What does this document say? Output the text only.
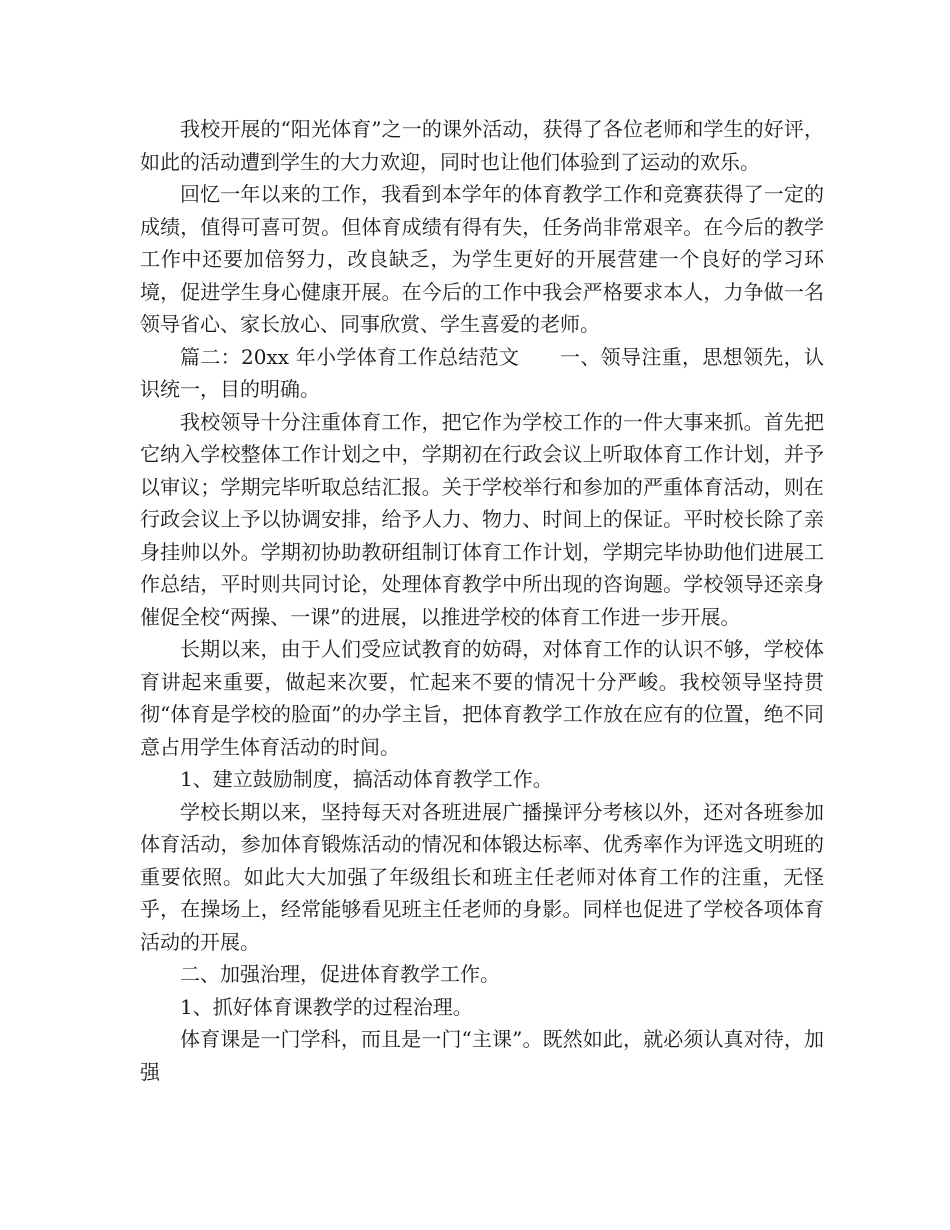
我校开展的“阳光体育”之一的课外活动，获得了各位老师和学生的好评，如此的活动遭到学生的大力欢迎，同时也让他们体验到了运动的欢乐。

回忆一年以来的工作，我看到本学年的体育教学工作和竞赛获得了一定的成绩，值得可喜可贺。但体育成绩有得有失，任务尚非常艰辛。在今后的教学工作中还要加倍努力，改良缺乏，为学生更好的开展营建一个良好的学习环境，促进学生身心健康开展。在今后的工作中我会严格要求本人，力争做一名领导省心、家长放心、同事欣赏、学生喜爱的老师。

篇二：20xx 年小学体育工作总结范文　　一、领导注重，思想领先，认识统一，目的明确。

我校领导十分注重体育工作，把它作为学校工作的一件大事来抓。首先把它纳入学校整体工作计划之中，学期初在行政会议上听取体育工作计划，并予以审议；学期完毕听取总结汇报。关于学校举行和参加的严重体育活动，则在行政会议上予以协调安排，给予人力、物力、时间上的保证。平时校长除了亲身挂帅以外。学期初协助教研组制订体育工作计划，学期完毕协助他们进展工作总结，平时则共同讨论，处理体育教学中所出现的咨询题。学校领导还亲身催促全校“两操、一课”的进展，以推进学校的体育工作进一步开展。

长期以来，由于人们受应试教育的妨碍，对体育工作的认识不够，学校体育讲起来重要，做起来次要，忙起来不要的情况十分严峻。我校领导坚持贯彻“体育是学校的脸面”的办学主旨，把体育教学工作放在应有的位置，绝不同意占用学生体育活动的时间。

1、建立鼓励制度，搞活动体育教学工作。

学校长期以来，坚持每天对各班进展广播操评分考核以外，还对各班参加体育活动，参加体育锻炼活动的情况和体锻达标率、优秀率作为评选文明班的重要依照。如此大大加强了年级组长和班主任老师对体育工作的注重，无怪乎，在操场上，经常能够看见班主任老师的身影。同样也促进了学校各项体育活动的开展。

二、加强治理，促进体育教学工作。

1、抓好体育课教学的过程治理。

体育课是一门学科，而且是一门“主课”。既然如此，就必须认真对待，加强
